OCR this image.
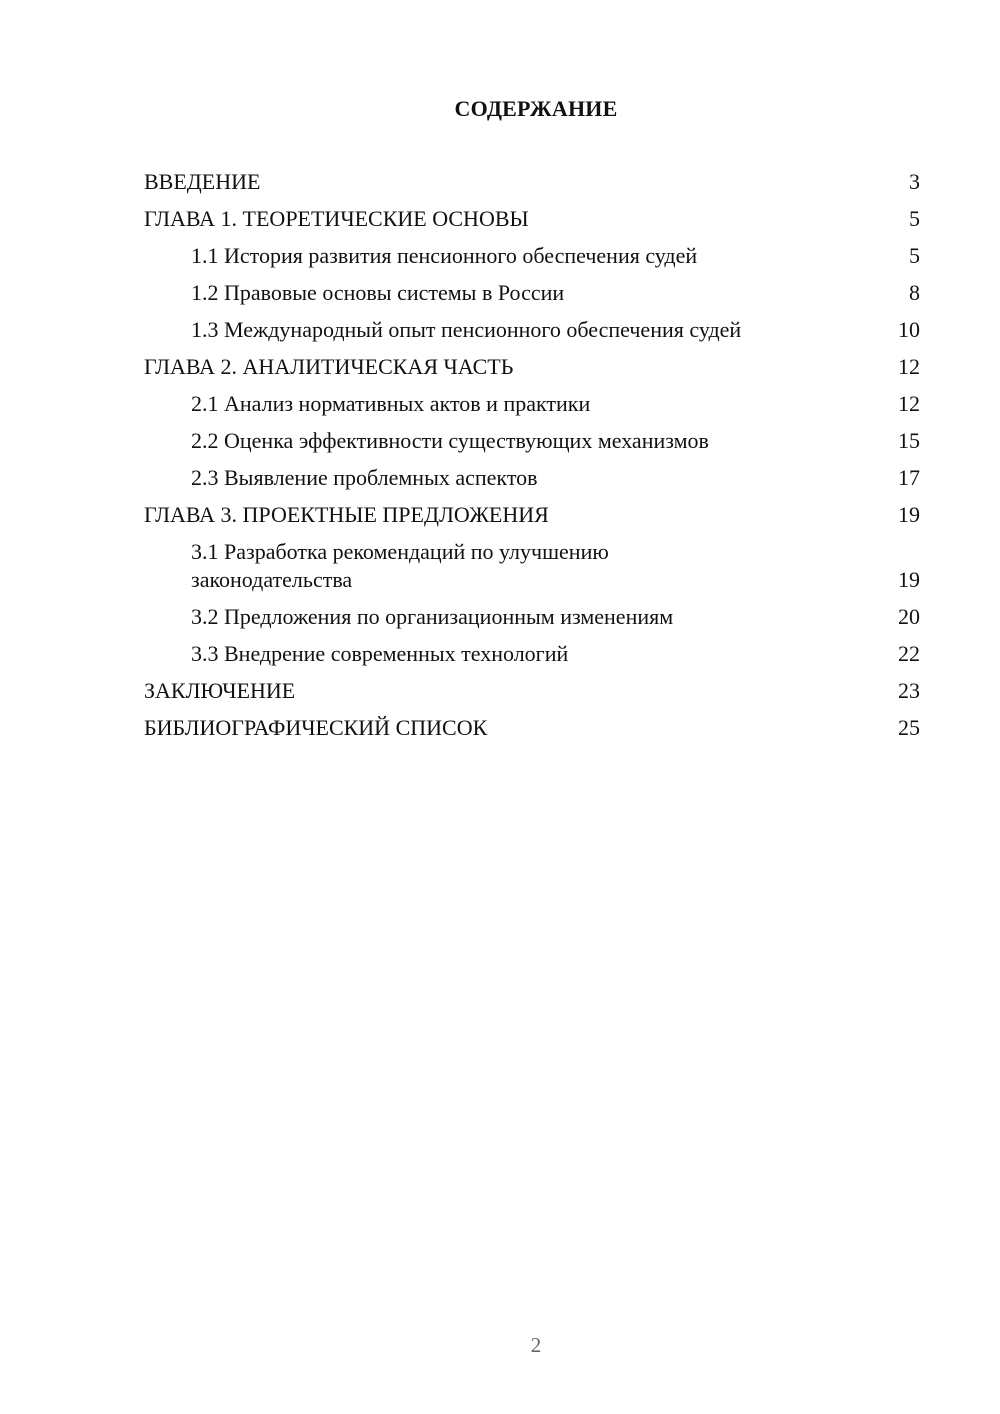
СОДЕРЖАНИЕ
ВВЕДЕНИЕ	3
ГЛАВА 1. ТЕОРЕТИЧЕСКИЕ ОСНОВЫ	5
1.1 История развития пенсионного обеспечения судей	5
1.2 Правовые основы системы в России	8
1.3 Международный опыт пенсионного обеспечения судей	10
ГЛАВА 2. АНАЛИТИЧЕСКАЯ ЧАСТЬ	12
2.1 Анализ нормативных актов и практики	12
2.2 Оценка эффективности существующих механизмов	15
2.3 Выявление проблемных аспектов	17
ГЛАВА 3. ПРОЕКТНЫЕ ПРЕДЛОЖЕНИЯ	19
3.1 Разработка рекомендаций по улучшению законодательства	19
3.2 Предложения по организационным изменениям	20
3.3 Внедрение современных технологий	22
ЗАКЛЮЧЕНИЕ	23
БИБЛИОГРАФИЧЕСКИЙ СПИСОК	25
2
